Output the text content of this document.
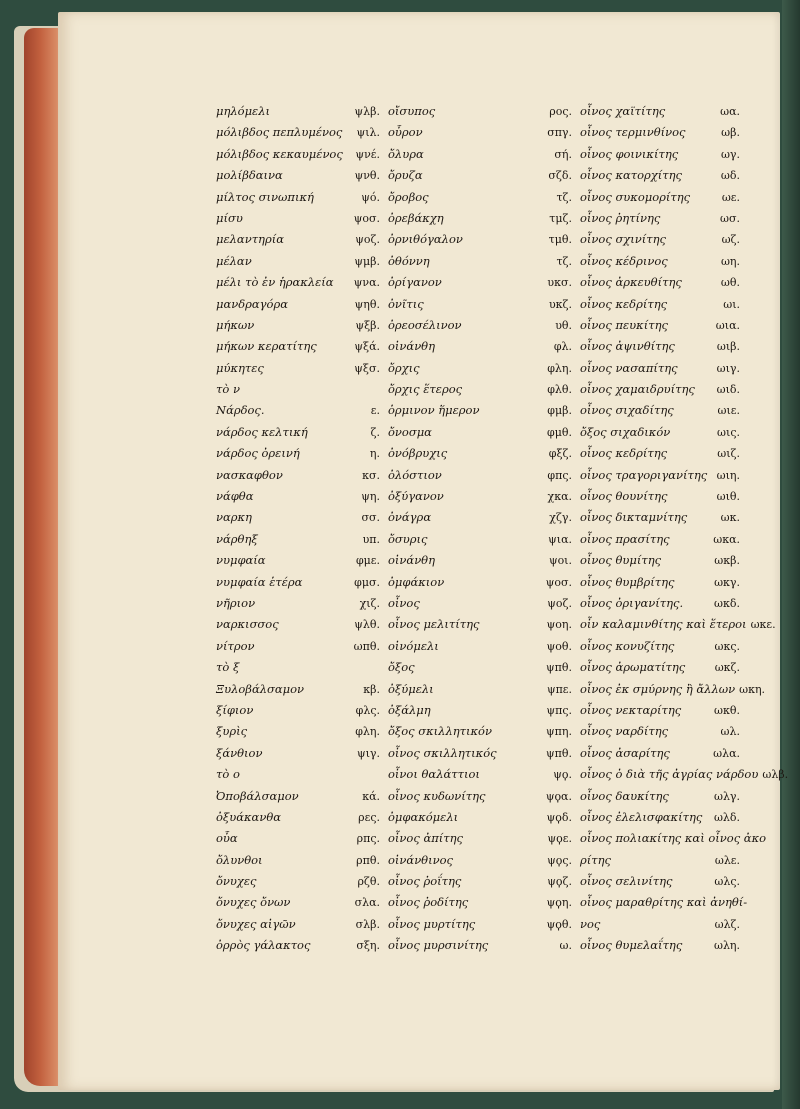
μηλόμελι	ψλβ.
μόλιβδος πεπλυμένος	ψιλ.
μόλιβδος κεκαυμένος	ψνέ.
μολίβδαινα	ψνθ.
μίλτος σινωπική	ψό.
μίσυ	ψοσ.
μελαντηρία	ψοζ.
μέλαν	ψμβ.
μέλι τὸ ἐν ἡρακλεία	ψνα.
μανδραγόρα	ψηθ.
μήκων	ψξβ.
μήκων κερατίτης	ψξά.
μύκητες	ψξσ.
τὸ ν
Νάρδος.	ε.
νάρδος κελτική	ζ.
νάρδος ὀρεινή	η.
νασκαφθον	κσ.
νάφθα	ψη.
ναρκη	σσ.
νάρθηξ	υπ.
νυμφαία	φμε.
νυμφαία ἑτέρα	φμσ.
νῆριον	χιζ.
ναρκισσος	ψλθ.
νίτρον	ωπθ.
τὸ ξ
Ξυλοβάλσαμον	κβ.
ξίφιον	φλς.
ξυρὶς	φλη.
ξάνθιον	ψιγ.
τὸ ο
Ὀποβάλσαμον	κά.
ὀξυάκανθα	ρες.
οὖα	ρπς.
ὄλυνθοι	ρπθ.
ὄνυχες	ρζθ.
ὄνυχες ὄνων	σλα.
ὄνυχες αἰγῶν	σλβ.
ὀρρὸς γάλακτος	σξη.
οἴσυπος	ρος.
οὖρον	σπγ.
ὄλυρα	σή.
ὄρυζα	σζδ.
ὄροβος	τζ.
ὀρεβάκχη	τμζ.
ὀρνιθόγαλον	τμθ.
ὀθόννη	τζ.
ὀρίγανον	υκσ.
ὀνῖτις	υκζ.
ὀρεοσέλινον	υθ.
οἰνάνθη	φλ.
ὄρχις	φλη.
ὄρχις ἕτερος	φλθ.
ὁρμινον ἥμερον	φμβ.
ὄνοσμα	φμθ.
ὀνόβρυχις	φξζ.
ὀλόστιον	φπς.
ὀξύγανον	χκα.
ὀνάγρα	χζγ.
ὄσυρις	ψια.
οἰνάνθη	ψοι.
ὀμφάκιον	ψοσ.
οἶνος	ψοζ.
οἶνος μελιτίτης	ψοη.
οἰνόμελι	ψοθ.
ὄξος	ψπθ.
ὀξύμελι	ψπε.
ὀξάλμη	ψπς.
ὄξος σκιλλητικόν	ψπη.
οἶνος σκιλλητικός	ψπθ.
οἶνοι θαλάττιοι	ψϙ.
οἶνος κυδωνίτης	ψϙα.
ὀμφακόμελι	ψϙδ.
οἶνος ἀπίτης	ψϙε.
οἰνάνθινος	ψϙς.
οἶνος ῥοΐτης	ψϙζ.
οἶνος ῥοδίτης	ψϙη.
οἶνος μυρτίτης	ψϙθ.
οἶνος μυρσινίτης	ω.
οἶνος χαϊτίτης	ωα.
οἶνος τερμινθίνος	ωβ.
οἶνος φοινικίτης	ωγ.
οἶνος κατορχίτης	ωδ.
οἶνος συκομορίτης	ωε.
οἶνος ῥητίνης	ωσ.
οἶνος σχινίτης	ωζ.
οἶνος κέδρινος	ωη.
οἶνος ἀρκευθίτης	ωθ.
οἶνος κεδρίτης	ωι.
οἶνος πευκίτης	ωια.
οἶνος ἀψινθίτης	ωιβ.
οἶνος νασαπίτης	ωιγ.
οἶνος χαμαιδρυίτης	ωιδ.
οἶνος σιχαδίτης	ωιε.
ὄξος σιχαδικόν	ωις.
οἶνος κεδρίτης	ωιζ.
οἶνος τραγοριγανίτης ωιη.
οἶνος θουνίτης	ωιθ.
οἶνος δικταμνίτης	ωκ.
οἶνος πρασίτης	ωκα.
οἶνος θυμίτης	ωκβ.
οἶνος θυμβρίτης	ωκγ.
οἶνος ὀριγανίτης.	ωκδ.
οἶν καλαμινθίτης καὶ ἕτεροι ωκε.
οἶνος κονυζίτης	ωκς.
οἶνος ἀρωματίτης	ωκζ.
οἶνος ἐκ σμύρνης ἢ ἄλλων ωκη.
οἶνος νεκταρίτης	ωκθ.
οἶνος ναρδίτης	ωλ.
οἶνος ἀσαρίτης	ωλα.
οἶνος ὁ διὰ τῆς ἀγρίας νάρδου ωλβ.
οἶνος δαυκίτης	ωλγ.
οἶνος ἐλελισφακίτης	ωλδ.
οἶνος πολιακίτης καὶ οἶνος ἀκο
ρίτης	ωλε.
οἶνος σελινίτης	ωλς.
οἶνος μαραθρίτης καὶ ἀνηθί-
νος	ωλζ.
οἶνος θυμελαΐτης	ωλη.
